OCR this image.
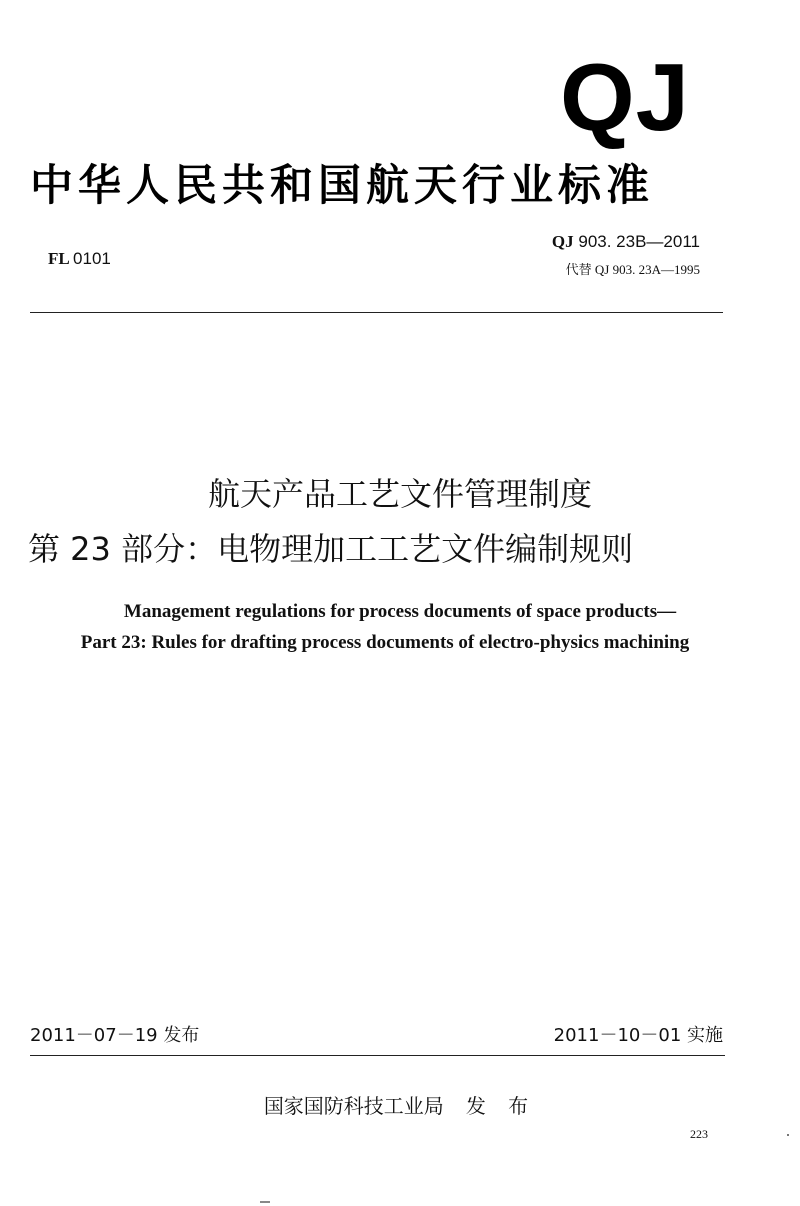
QJ
中华人民共和国航天行业标准
FL 0101
QJ 903. 23B—2011
代替 QJ 903. 23A—1995
航天产品工艺文件管理制度
第 23 部分：电物理加工工艺文件编制规则
Management regulations for process documents of space products—
Part 23: Rules for drafting process documents of electro-physics machining
2011－07－19 发布	2011－10－01 实施
国家国防科技工业局 发 布
223
